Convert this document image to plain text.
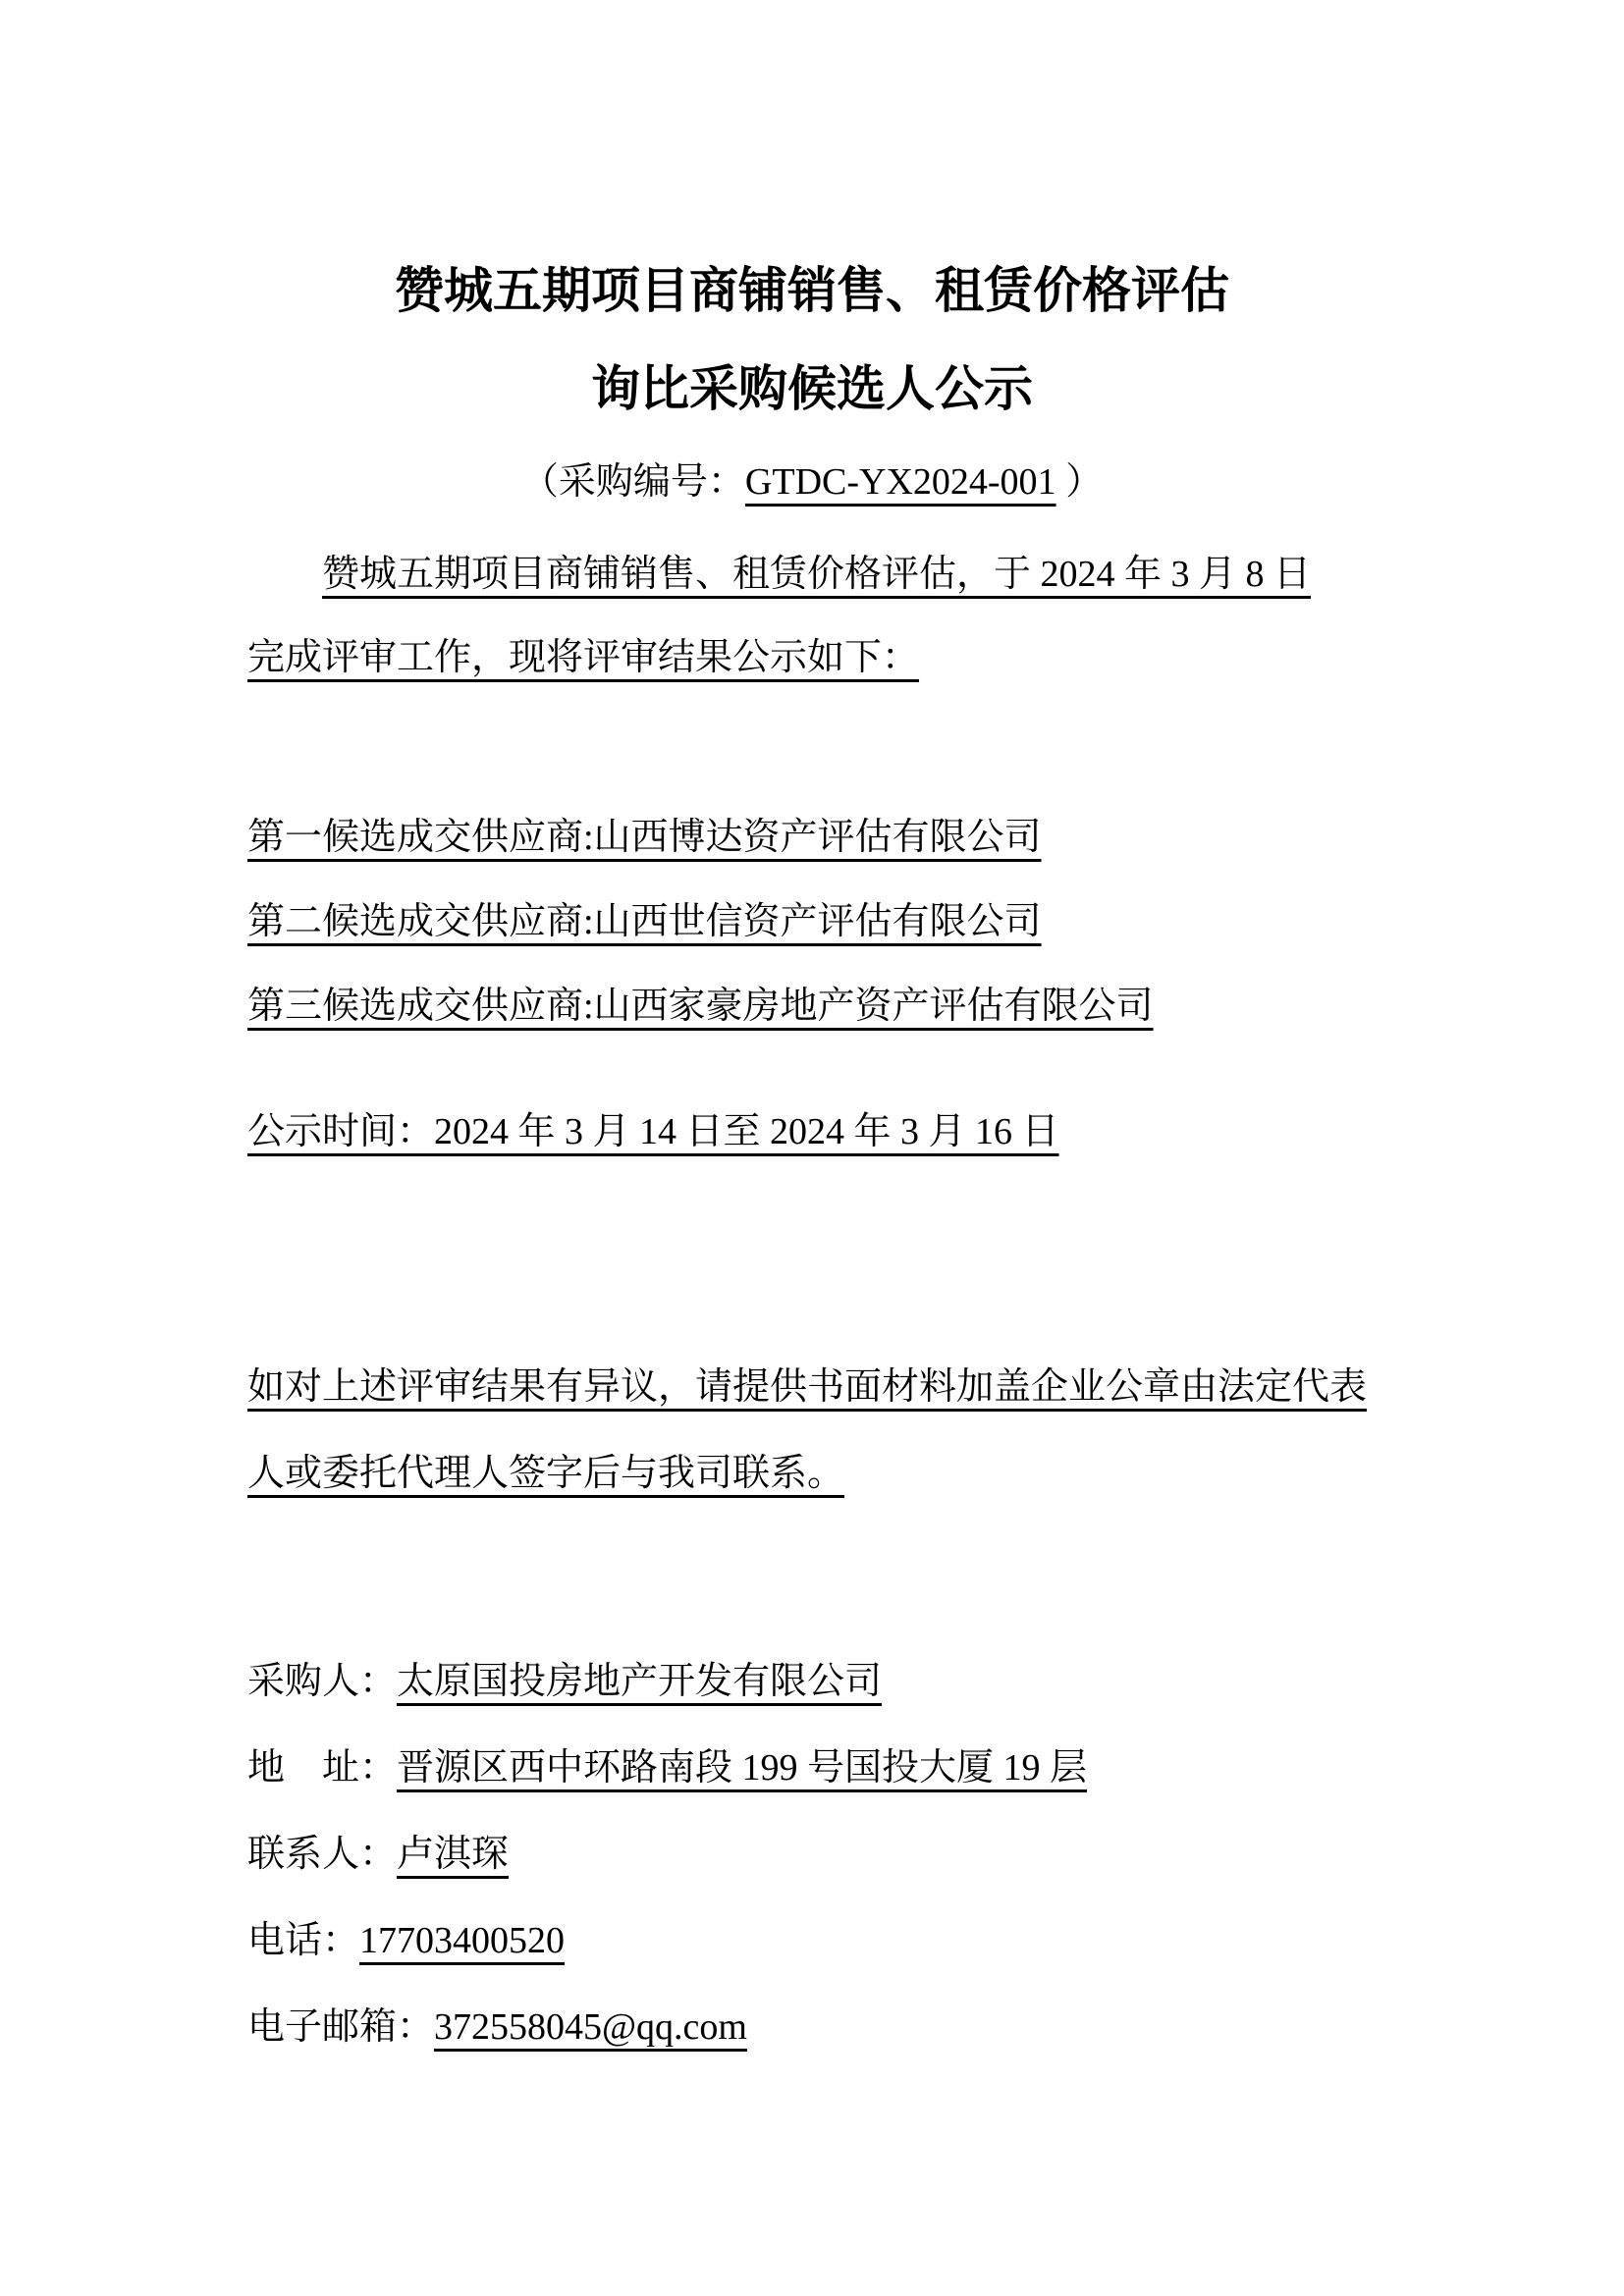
赞城五期项目商铺销售、租赁价格评估

询比采购候选人公示

（采购编号：GTDC-YX2024-001 ）

赞城五期项目商铺销售、租赁价格评估，于 2024 年 3 月 8 日

完成评审工作，现将评审结果公示如下：

第一候选成交供应商:山西博达资产评估有限公司

第二候选成交供应商:山西世信资产评估有限公司

第三候选成交供应商:山西家豪房地产资产评估有限公司

公示时间：2024 年 3 月 14 日至 2024 年 3 月 16 日

如对上述评审结果有异议，请提供书面材料加盖企业公章由法定代表

人或委托代理人签字后与我司联系。

采购人：太原国投房地产开发有限公司

地　址：晋源区西中环路南段 199 号国投大厦 19 层

联系人：卢淇琛

电话：17703400520

电子邮箱：372558045@qq.com
